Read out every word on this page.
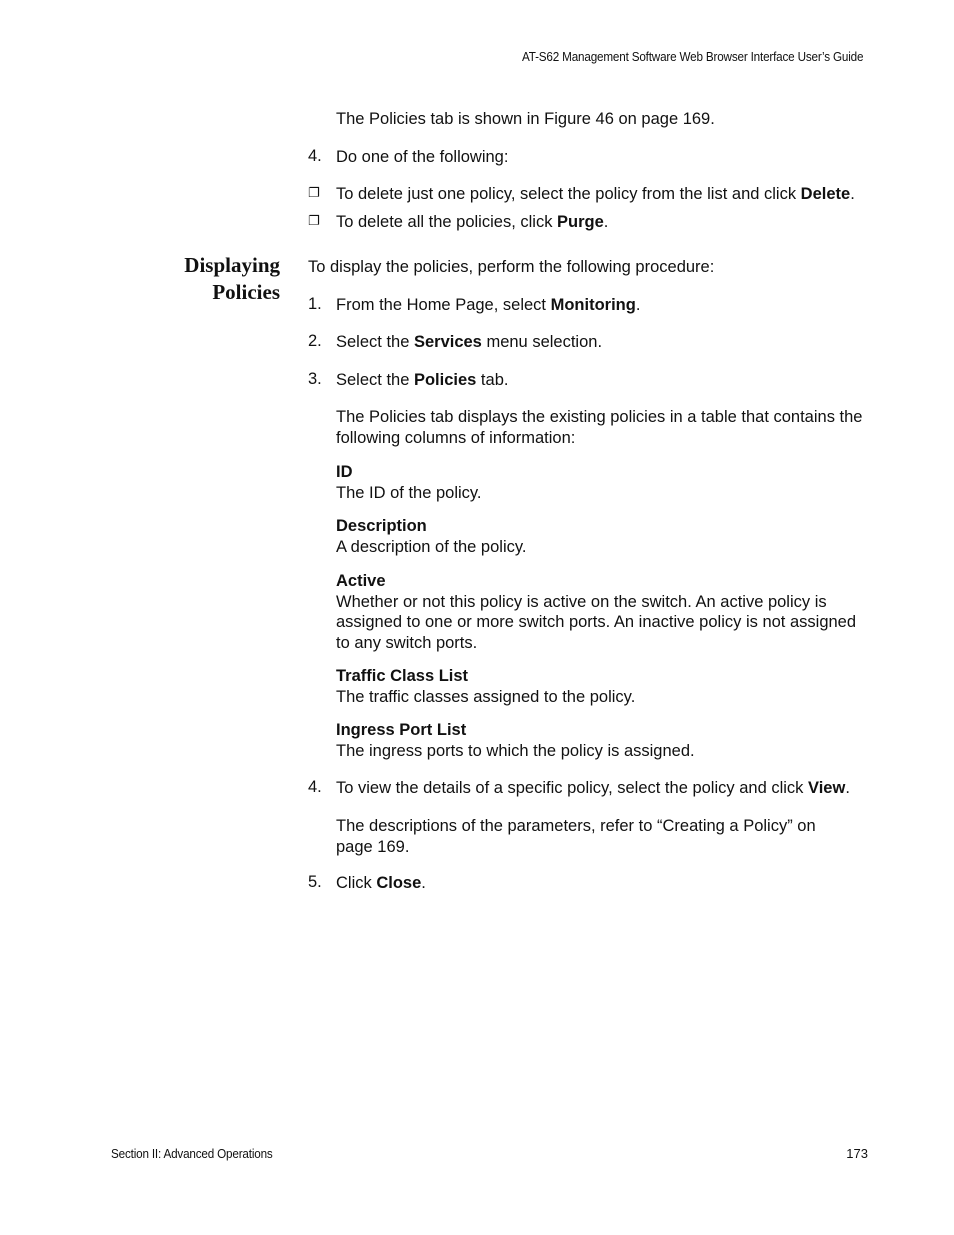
AT-S62 Management Software Web Browser Interface User’s Guide
The Policies tab is shown in Figure 46 on page 169.
4. Do one of the following:
❐ To delete just one policy, select the policy from the list and click Delete.
❐ To delete all the policies, click Purge.
Displaying
Policies
To display the policies, perform the following procedure:
1. From the Home Page, select Monitoring.
2. Select the Services menu selection.
3. Select the Policies tab.
The Policies tab displays the existing policies in a table that contains the following columns of information:
ID
The ID of the policy.
Description
A description of the policy.
Active
Whether or not this policy is active on the switch. An active policy is assigned to one or more switch ports. An inactive policy is not assigned to any switch ports.
Traffic Class List
The traffic classes assigned to the policy.
Ingress Port List
The ingress ports to which the policy is assigned.
4. To view the details of a specific policy, select the policy and click View.
The descriptions of the parameters, refer to “Creating a Policy” on page 169.
5. Click Close.
Section II: Advanced Operations	173
